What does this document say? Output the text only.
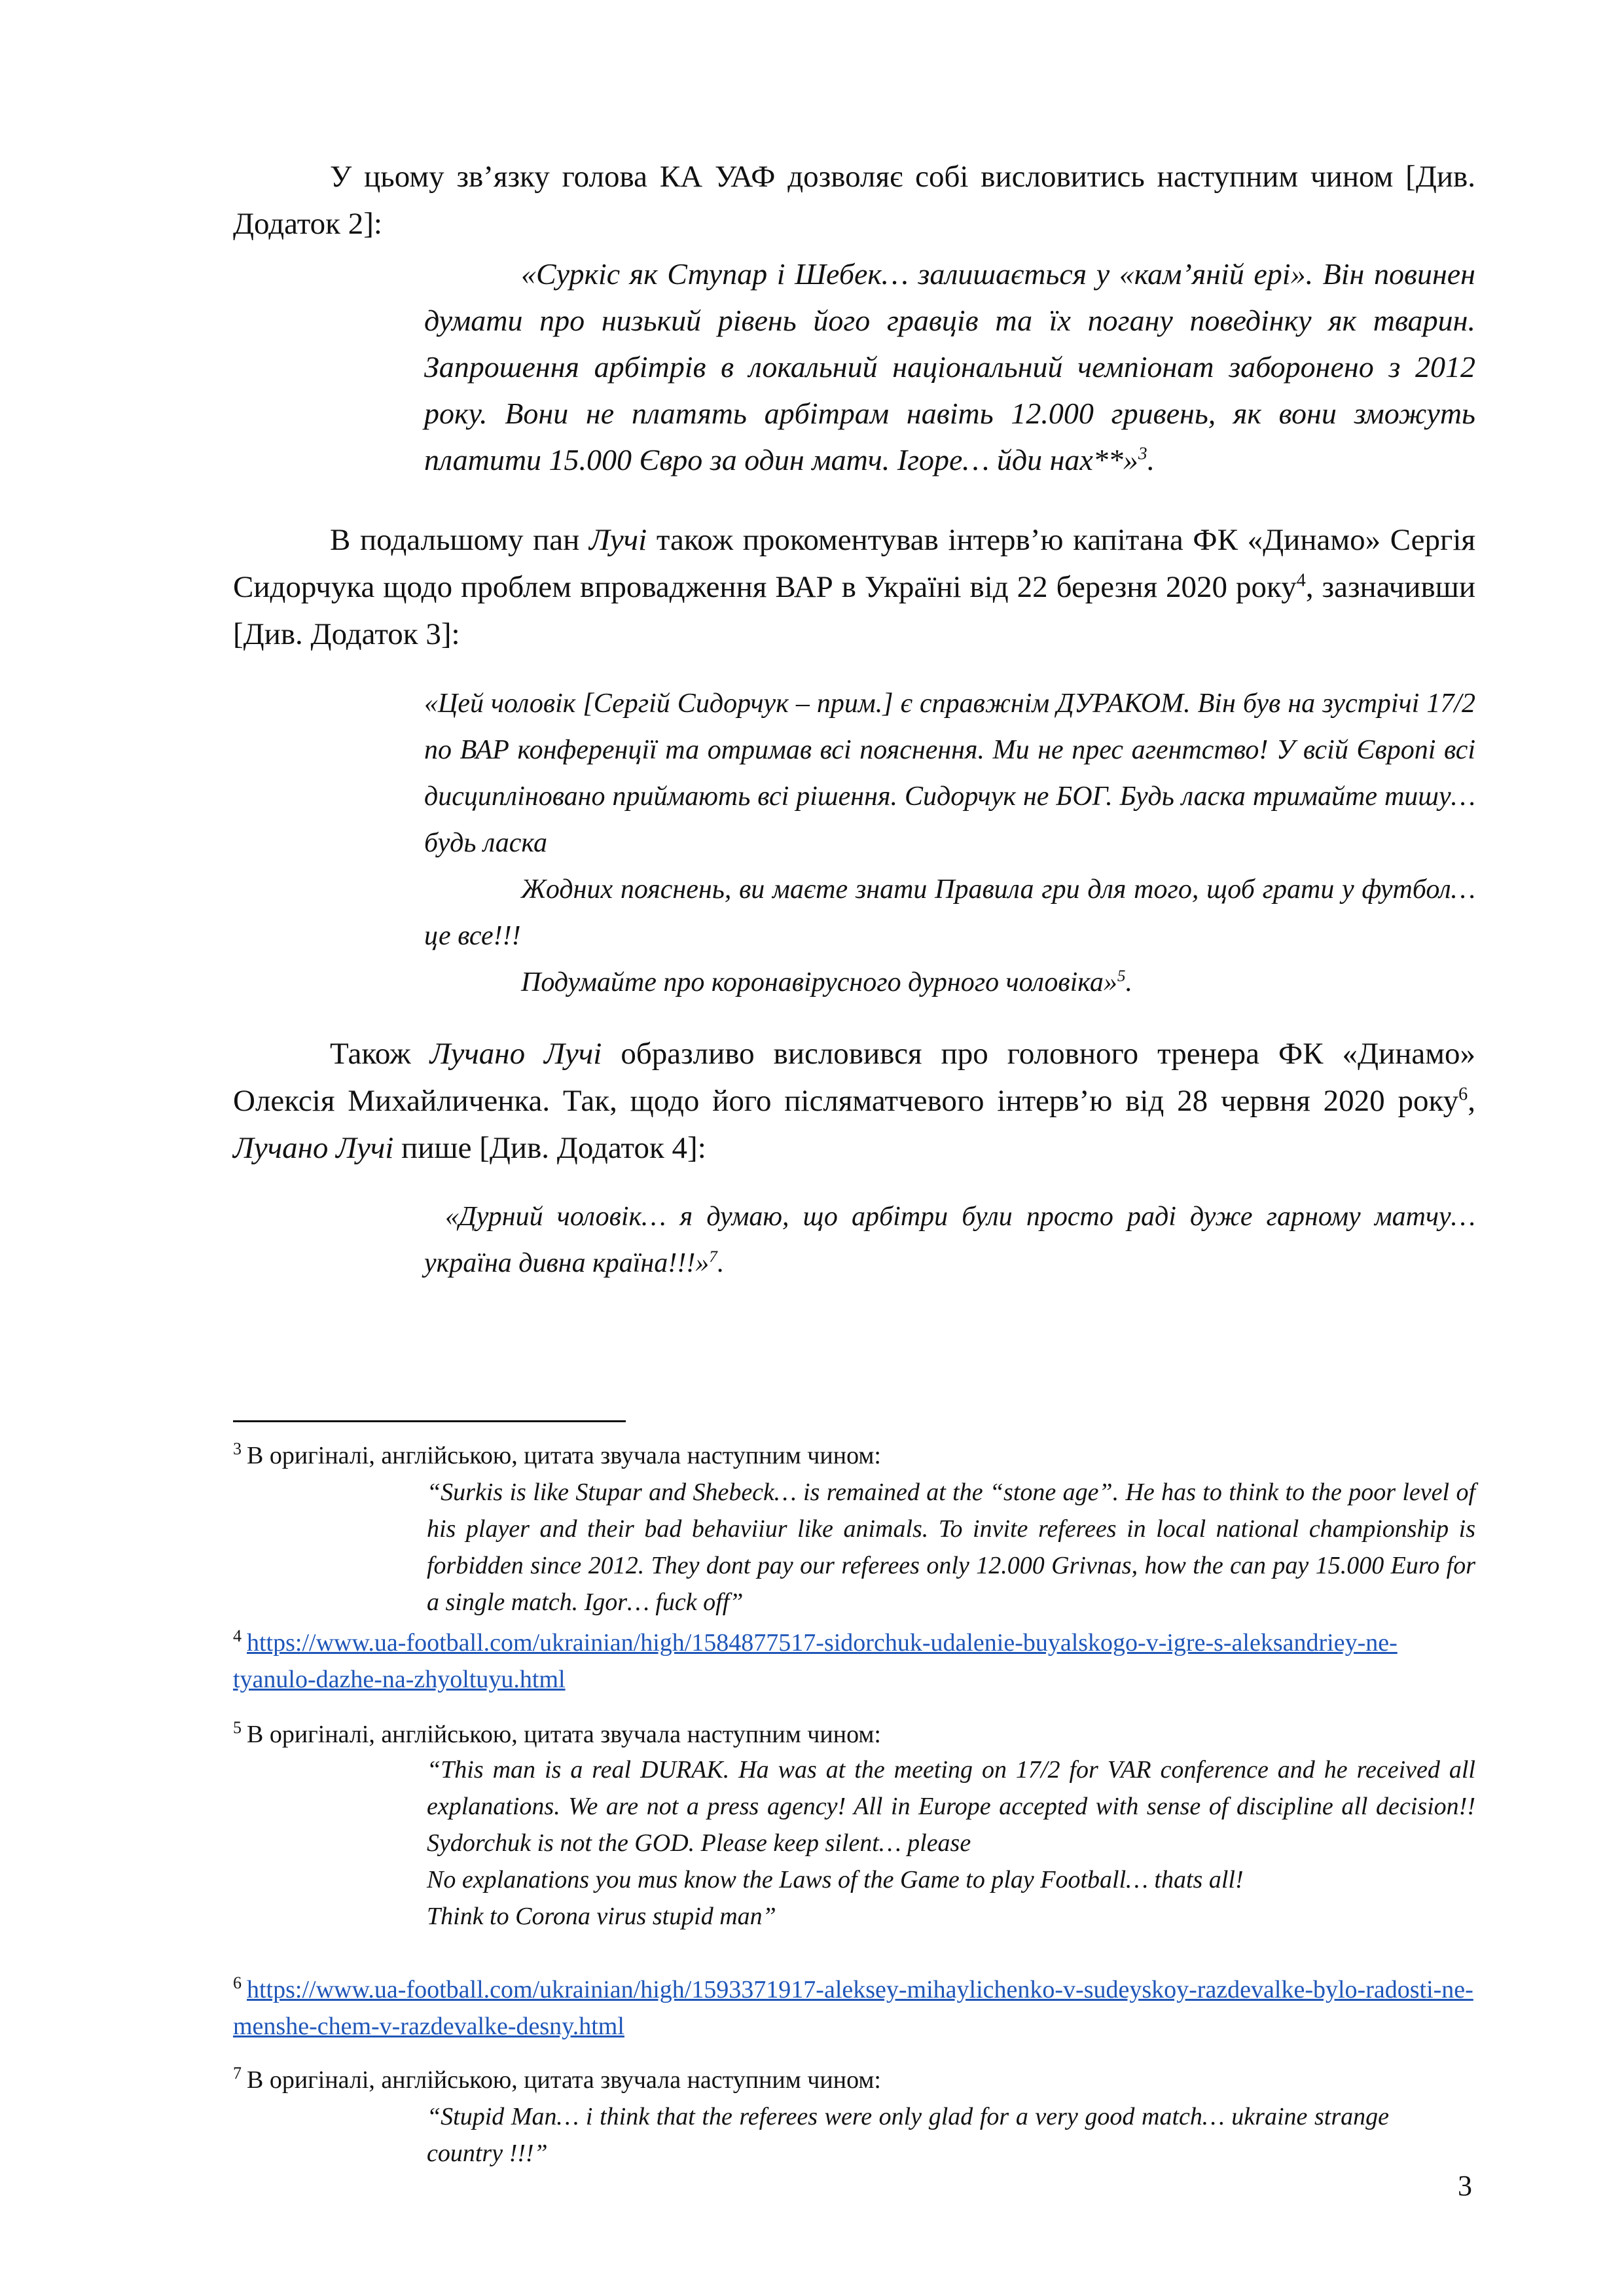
У цьому зв’язку голова КА УАФ дозволяє собі висловитись наступним чином [Див. Додаток 2]:

«Суркіс як Ступар і Шебек… залишається у «кам’яній ері». Він повинен думати про низький рівень його гравців та їх погану поведінку як тварин. Запрошення арбітрів в локальний національний чемпіонат заборонено з 2012 року. Вони не платять арбітрам навіть 12.000 гривень, як вони зможуть платити 15.000 Євро за один матч. Ігоре… йди нах**»$^3$.

В подальшому пан Лучі також прокоментував інтерв’ю капітана ФК «Динамо» Сергія Сидорчука щодо проблем впровадження ВАР в Україні від 22 березня 2020 року$^4$, зазначивши [Див. Додаток 3]:

«Цей чоловік [Сергій Сидорчук – прим.] є справжнім ДУРАКОМ. Він був на зустрічі 17/2 по ВАР конференції та отримав всі пояснення. Ми не прес агентство! У всій Європі всі дисципліновано приймають всі рішення. Сидорчук не БОГ. Будь ласка тримайте тишу… будь ласка
Жодних пояснень, ви маєте знати Правила гри для того, щоб грати у футбол… це все!!!
Подумайте про коронавірусного дурного чоловіка»$^5$.

Також Лучано Лучі образливо висловився про головного тренера ФК «Динамо» Олексія Михайличенка. Так, щодо його післяматчевого інтерв’ю від 28 червня 2020 року$^6$, Лучано Лучі пише [Див. Додаток 4]:

«Дурний чоловік… я думаю, що арбітри були просто раді дуже гарному матчу… україна дивна країна!!!»$^7$.

$^3$ В оригіналі, англійською, цитата звучала наступним чином:

“Surkis is like Stupar and Shebeck… is remained at the “stone age”. He has to think to the poor level of his player and their bad behaviiur like animals. To invite referees in local national championship is forbidden since 2012. They dont pay our referees only 12.000 Grivnas, how the can pay 15.000 Euro for a single match. Igor… fuck off”

$^4$ https://www.ua-football.com/ukrainian/high/1584877517-sidorchuk-udalenie-buyalskogo-v-igre-s-aleksandriey-ne-tyanulo-dazhe-na-zhyoltuyu.html

$^5$ В оригіналі, англійською, цитата звучала наступним чином:

“This man is a real DURAK. Ha was at the meeting on 17/2 for VAR conference and he received all explanations. We are not a press agency! All in Europe accepted with sense of discipline all decision!! Sydorchuk is not the GOD. Please keep silent… please
No explanations you mus know the Laws of the Game to play Football… thats all!
Think to Corona virus stupid man”

$^6$ https://www.ua-football.com/ukrainian/high/1593371917-aleksey-mihaylichenko-v-sudeyskoy-razdevalke-bylo-radosti-ne-menshe-chem-v-razdevalke-desny.html

$^7$ В оригіналі, англійською, цитата звучала наступним чином:

“Stupid Man… i think that the referees were only glad for a very good match… ukraine strange country !!!”

3
